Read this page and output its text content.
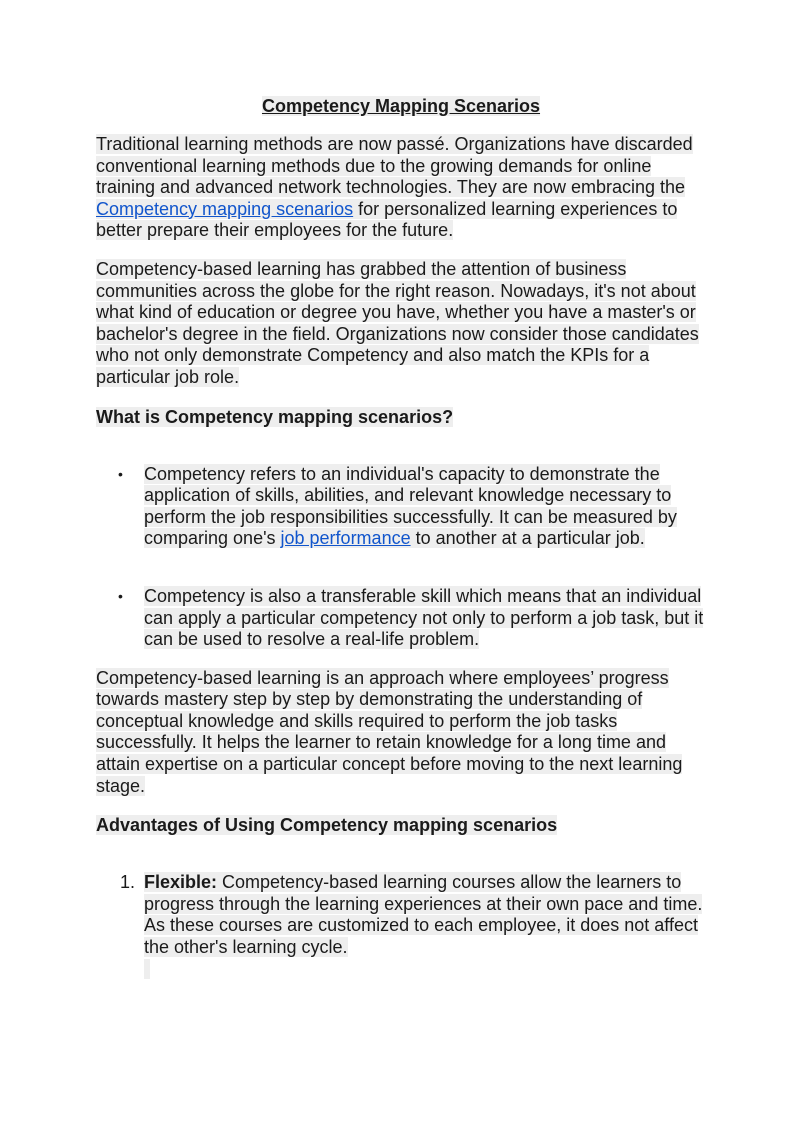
Competency Mapping Scenarios

Traditional learning methods are now passé. Organizations have discarded conventional learning methods due to the growing demands for online training and advanced network technologies. They are now embracing the Competency mapping scenarios for personalized learning experiences to better prepare their employees for the future.

Competency-based learning has grabbed the attention of business communities across the globe for the right reason. Nowadays, it's not about what kind of education or degree you have, whether you have a master's or bachelor's degree in the field. Organizations now consider those candidates who not only demonstrate Competency and also match the KPIs for a particular job role.

What is Competency mapping scenarios?
• Competency refers to an individual's capacity to demonstrate the application of skills, abilities, and relevant knowledge necessary to perform the job responsibilities successfully. It can be measured by comparing one's job performance to another at a particular job.
• Competency is also a transferable skill which means that an individual can apply a particular competency not only to perform a job task, but it can be used to resolve a real-life problem.

Competency-based learning is an approach where employees’ progress towards mastery step by step by demonstrating the understanding of conceptual knowledge and skills required to perform the job tasks successfully. It helps the learner to retain knowledge for a long time and attain expertise on a particular concept before moving to the next learning stage.

Advantages of Using Competency mapping scenarios
1. Flexible: Competency-based learning courses allow the learners to progress through the learning experiences at their own pace and time. As these courses are customized to each employee, it does not affect the other's learning cycle.
